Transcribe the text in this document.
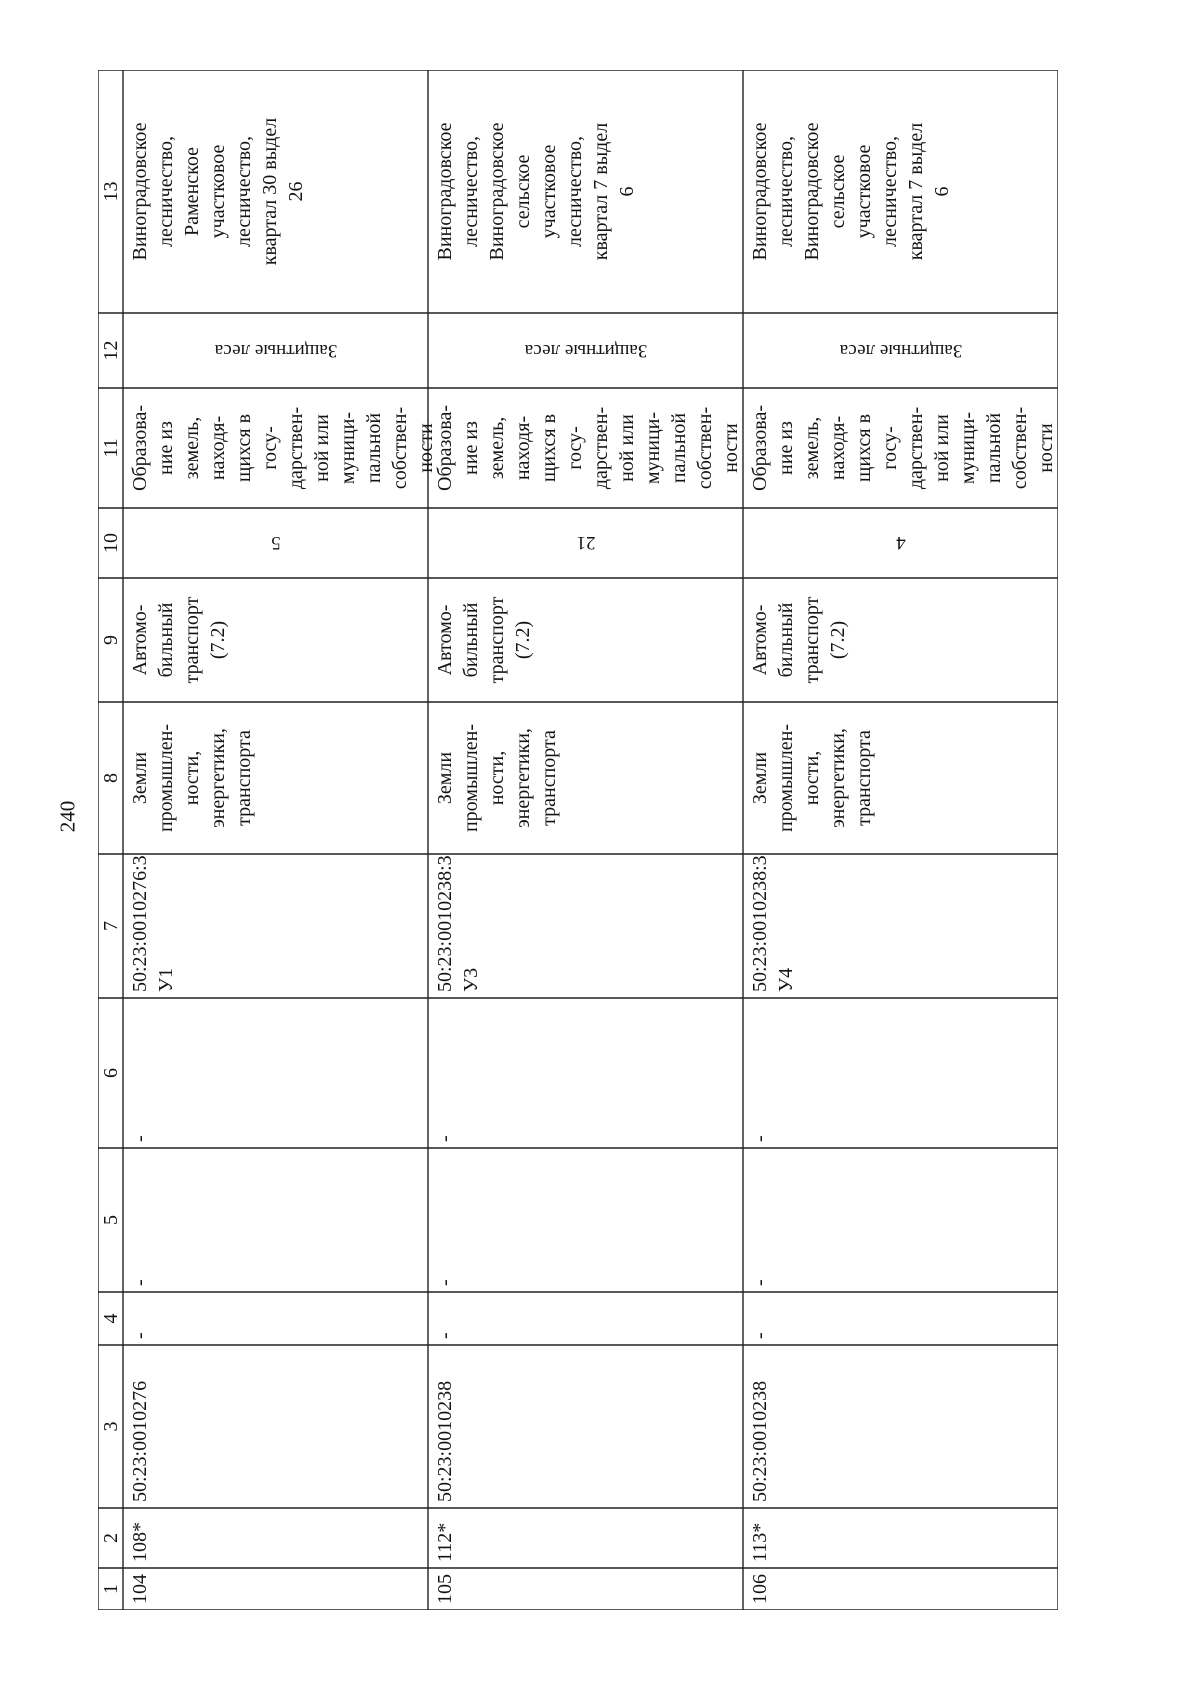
240
1
2
3
4
5
6
7
8
9
10
11
12
13
104
108*
50:23:0010276
-
-
-
50:23:0010276:3
У1
Земли
промышлен-
ности,
энергетики,
транспорта
Автомо-
бильный
транспорт
(7.2)
Образова-
ние из
земель,
находя-
щихся в
госу-
дарствен-
ной или
муници-
пальной
собствен-
ности
Виноградовское
лесничество,
Раменское
участковое
лесничество,
квартал 30 выдел
26
5
Защитные леса
105
112*
50:23:0010238
-
-
-
50:23:0010238:3
У3
Земли
промышлен-
ности,
энергетики,
транспорта
Автомо-
бильный
транспорт
(7.2)
Образова-
ние из
земель,
находя-
щихся в
госу-
дарствен-
ной или
муници-
пальной
собствен-
ности
Виноградовское
лесничество,
Виноградовское
сельское
участковое
лесничество,
квартал 7 выдел
6
21
Защитные леса
106
113*
50:23:0010238
-
-
-
50:23:0010238:3
У4
Земли
промышлен-
ности,
энергетики,
транспорта
Автомо-
бильный
транспорт
(7.2)
Образова-
ние из
земель,
находя-
щихся в
госу-
дарствен-
ной или
муници-
пальной
собствен-
ности
Виноградовское
лесничество,
Виноградовское
сельское
участковое
лесничество,
квартал 7 выдел
6
4
Защитные леса
